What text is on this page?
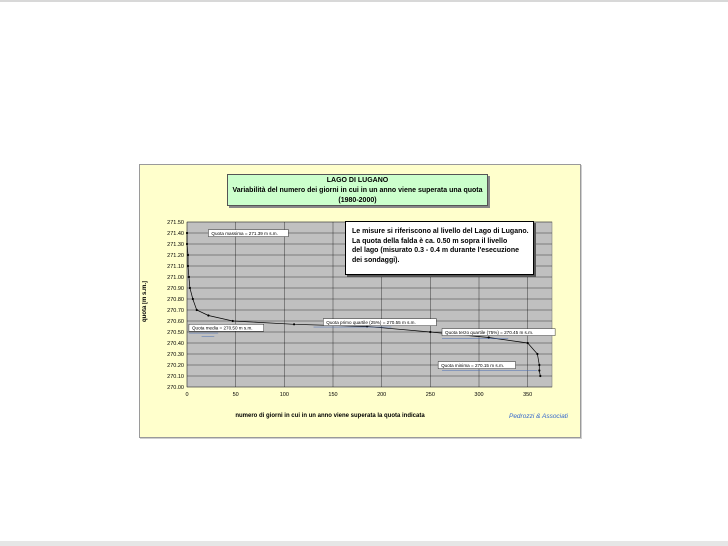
LAGO DI LUGANO
Variabilità del numero dei giorni in cui in un anno viene superata una quota
(1980-2000)
270.00
270.10
270.20
270.30
270.40
270.50
270.60
270.70
270.80
270.90
271.00
271.10
271.20
271.30
271.40
271.50
0	50	100	150	200	250	300	350
Quota massima = 271.39 m s.m.
Quota media = 270.50 m s.m.
Quota primo quartile (25%) = 270.55 m s.m.
Quota terzo quartile (75%) = 270.45 m s.m.
Quota minima = 270.15 m s.m.
quota [m s.m.]
numero di giorni in cui in un anno viene superata la quota indicata	Pedrozzi & Associati
Le misure si riferiscono al livello del Lago di Lugano.
La quota della falda è ca. 0.50 m sopra il livello
del lago (misurato 0.3 - 0.4 m durante l'esecuzione
dei sondaggi).
